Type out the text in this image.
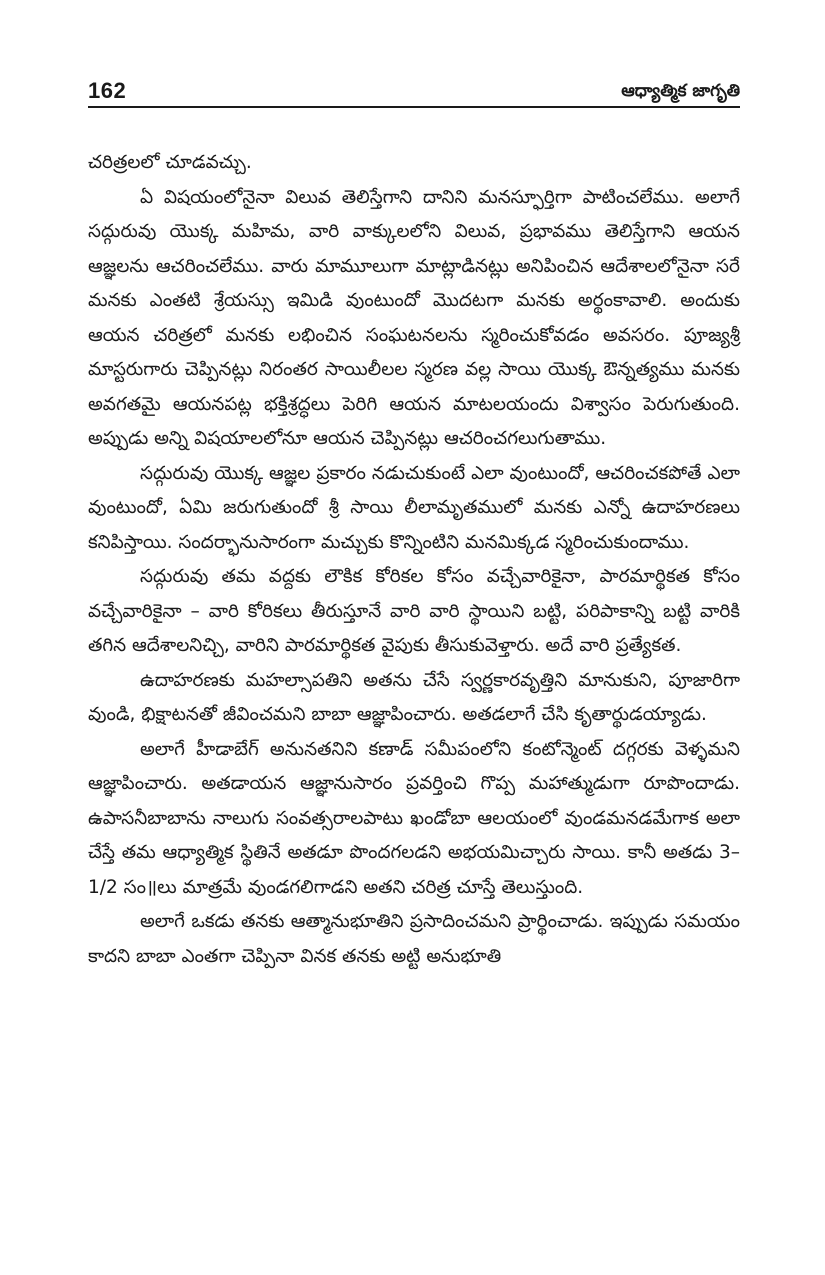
162	ఆధ్యాత్మిక జాగృతి

చరిత్రలలో చూడవచ్చు.

ఏ విషయంలోనైనా విలువ తెలిస్తేగాని దానిని మనస్ఫూర్తిగా పాటించలేము. అలాగే సద్గురువు యొక్క మహిమ, వారి వాక్కులలోని విలువ, ప్రభావము తెలిస్తేగాని ఆయన ఆజ్ఞలను ఆచరించలేము. వారు మామూలుగా మాట్లాడినట్లు అనిపించిన ఆదేశాలలోనైనా సరే మనకు ఎంతటి శ్రేయస్సు ఇమిడి వుంటుందో మొదటగా మనకు అర్థంకావాలి. అందుకు ఆయన చరిత్రలో మనకు లభించిన సంఘటనలను స్మరించుకోవడం అవసరం. పూజ్యశ్రీ మాస్టరుగారు చెప్పినట్లు నిరంతర సాయిలీలల స్మరణ వల్ల సాయి యొక్క ఔన్నత్యము మనకు అవగతమై ఆయనపట్ల భక్తిశ్రద్ధలు పెరిగి ఆయన మాటలయందు విశ్వాసం పెరుగుతుంది. అప్పుడు అన్ని విషయాలలోనూ ఆయన చెప్పినట్లు ఆచరించగలుగుతాము.

సద్గురువు యొక్క ఆజ్ఞల ప్రకారం నడుచుకుంటే ఎలా వుంటుందో, ఆచరించకపోతే ఎలా వుంటుందో, ఏమి జరుగుతుందో శ్రీ సాయి లీలామృతములో మనకు ఎన్నో ఉదాహరణలు కనిపిస్తాయి. సందర్భానుసారంగా మచ్చుకు కొన్నింటిని మనమిక్కడ స్మరించుకుందాము.

సద్గురువు తమ వద్దకు లౌకిక కోరికల కోసం వచ్చేవారికైనా, పారమార్థికత కోసం వచ్చేవారికైనా – వారి కోరికలు తీరుస్తూనే వారి వారి స్థాయిని బట్టి, పరిపాకాన్ని బట్టి వారికి తగిన ఆదేశాలనిచ్చి, వారిని పారమార్థికత వైపుకు తీసుకువెళ్తారు. అదే వారి ప్రత్యేకత.

ఉదాహరణకు మహల్సాపతిని అతను చేసే స్వర్ణకారవృత్తిని మానుకుని, పూజారిగా వుండి, భిక్షాటనతో జీవించమని బాబా ఆజ్ఞాపించారు. అతడలాగే చేసి కృతార్థుడయ్యాడు.

అలాగే హీడాబేగ్ అనునతనిని కణాడ్ సమీపంలోని కంటోన్మెంట్ దగ్గరకు వెళ్ళమని ఆజ్ఞాపించారు. అతడాయన ఆజ్ఞానుసారం ప్రవర్తించి గొప్ప మహాత్ముడుగా రూపొందాడు. ఉపాసనీబాబాను నాలుగు సంవత్సరాలపాటు ఖండోబా ఆలయంలో వుండమనడమేగాక అలా చేస్తే తమ ఆధ్యాత్మిక స్థితినే అతడూ పొందగలడని అభయమిచ్చారు సాయి. కానీ అతడు 3–1/2 సం॥లు మాత్రమే వుండగలిగాడని అతని చరిత్ర చూస్తే తెలుస్తుంది.

అలాగే ఒకడు తనకు ఆత్మానుభూతిని ప్రసాదించమని ప్రార్థించాడు. ఇప్పుడు సమయం కాదని బాబా ఎంతగా చెప్పినా వినక తనకు అట్టి అనుభూతి
